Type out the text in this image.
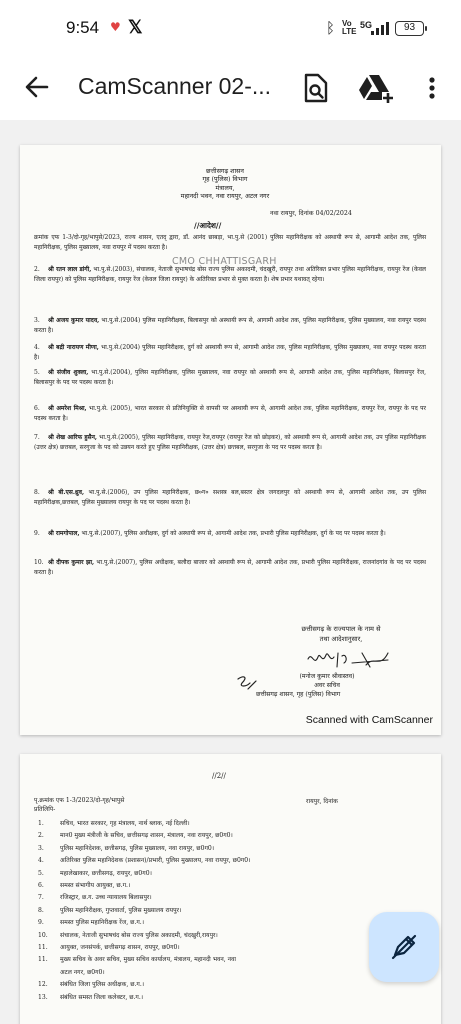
9:54 ♥ 𝕏	ᛒ Vo
LTE
5G	93
CamScanner 02-...
छत्तीसगढ़ शासन
गृह (पुलिस) विभाग
मंत्रालय,
महानदी भवन, नवा रायपुर, अटल नगर
नवा रायपुर, दिनांक 04/02/2024
//आदेश//
क्रमांक एफ 1-3/दो-गृह/भापुसे/2023, राज्य शासन, एतद् द्वारा, डॉ. आनंद छाबड़ा, भा.पु.से (2001) पुलिस महानिरीक्षक को अस्थायी रूप से, आगामी आदेश तक, पुलिस महानिरीक्षक, पुलिस मुख्यालय, नवा रायपुर में पदस्थ करता है।
2. श्री रतन लाल डांगी, भा.पु.से.(2003), संचालक, नेताजी सुभाषचंद्र बोस राज्य पुलिस अकादमी, चंदखुरी, रायपुर तथा अतिरिक्त प्रभार पुलिस महानिरीक्षक, रायपुर रेंज (केवल जिला रायपुर) को पुलिस महानिरीक्षक, रायपुर रेंज (केवल जिला रायपुर) के अतिरिक्त प्रभार से मुक्त करता है। शेष प्रभार यथावत् रहेगा।
CMO CHHATTISGARH
3. श्री अजय कुमार यादव, भा.पु.से.(2004) पुलिस महानिरीक्षक, बिलासपुर को अस्थायी रूप से, आगामी आदेश तक, पुलिस महानिरीक्षक, पुलिस मुख्यालय, नवा रायपुर पदस्थ करता है।
4. श्री बद्री नारायण मीणा, भा.पु.से.(2004) पुलिस महानिरीक्षक, दुर्ग को अस्थायी रूप से, आगामी आदेश तक, पुलिस महानिरीक्षक, पुलिस मुख्यालय, नवा रायपुर पदस्थ करता है।
5. श्री संजीव शुक्ला, भा.पु.से.(2004), पुलिस महानिरीक्षक, पुलिस मुख्यालय, नवा रायपुर को अस्थायी रूप से, आगामी आदेश तक, पुलिस महानिरीक्षक, बिलासपुर रेंज, बिलासपुर के पद पर पदस्थ करता है।
6. श्री अमरेश मिश्रा, भा.पु.से. (2005), भारत सरकार से प्रतिनियुक्ति से वापसी पर अस्थायी रूप से, आगामी आदेश तक, पुलिस महानिरीक्षक, रायपुर रेंज, रायपुर के पद पर पदस्थ करता है।
7. श्री शेख आरिफ हुसैन, भा.पु.से.(2005), पुलिस महानिरीक्षक, रायपुर रेंज,रायपुर (रायपुर रेंज को छोड़कर), को अस्थायी रूप से, आगामी आदेश तक, उप पुलिस महानिरीक्षक (उत्तर क्षेत्र) छत्तबल, सरगुजा के पद को उन्नयन करते हुए पुलिस महानिरीक्षक, (उत्तर क्षेत्र) छत्तबल, सरगुजा के पद पर पदस्थ करता है।
8. श्री बी.एस.ध्रुव, भा.पु.से.(2006), उप पुलिस महानिरीक्षक, छ०ग० सशस्त्र बल,बस्तर क्षेत्र जगदलपुर को अस्थायी रूप से, आगामी आदेश तक, उप पुलिस महानिरीक्षक,छत्तबल, पुलिस मुख्यालय रायपुर के पद पर पदस्थ करता है।
9. श्री रामगोपाल, भा.पु.से.(2007), पुलिस अधीक्षक, दुर्ग को अस्थायी रूप से, आगामी आदेश तक, प्रभारी पुलिस महानिरीक्षक, दुर्ग के पद पर पदस्थ करता है।
10. श्री दीपक कुमार झा, भा.पु.से.(2007), पुलिस अधीक्षक, बलौदा बाजार को अस्थायी रूप से, आगामी आदेश तक, प्रभारी पुलिस महानिरीक्षक, राजनांदगांव के पद पर पदस्थ करता है।
छत्तीसगढ़ के राज्यपाल के नाम से
तथा आदेशानुसार,
(मनोज कुमार श्रीवास्तव)
अवर सचिव
छत्तीसगढ़ शासन, गृह (पुलिस) विभाग
Scanned with CamScanner
//2//
पृ.क्रमांक एफ 1-3/2023/दो-गृह/भापुसे	रायपुर, दिनांक
प्रतिलिपि-
1.	सचिव, भारत सरकार, गृह मंत्रालय, नार्थ ब्लाक, नई दिल्ली।
2.	मान0 मुख्य मंत्रीजी के सचिव, छत्तीसगढ़ शासन, मंत्रालय, नवा रायपुर, छ0ग0।
3.	पुलिस महानिदेशक, छत्तीसगढ़, पुलिस मुख्यालय, नवा रायपुर, छ0ग0।
4.	अतिरिक्त पुलिस महानिदेशक (प्रशासन)/प्रभारी, पुलिस मुख्यालय, नवा रायपुर, छ0ग0।
5.	महालेखाकार, छत्तीसगढ़, रायपुर, छ0ग0।
6.	समस्त संभागीय आयुक्त, छ.ग.।
7.	रजिस्ट्रार, छ.ग. उच्च न्यायालय बिलासपुर।
8.	पुलिस महानिरीक्षक, गुप्तवार्ता, पुलिस मुख्यालय रायपुर।
9.	समस्त पुलिस महानिरीक्षक रेंज, छ.ग.।
10. संचालक, नेताजी सुभाषचंद बोस राज्य पुलिस अकादमी, चंदखुरी,रायपुर।
11. आयुक्त, जनसंपर्क, छत्तीसगढ़ शासन, रायपुर, छ0ग0।
11. मुख्य सचिव के अवर सचिव, मुख्य सचिव कार्यालय, मंत्रालय, महानदी भवन, नवा
अटल नगर, छ0ग0।
12. संबंधित जिला पुलिस अधीक्षक, छ.ग.।
13. संबंधित समस्त जिला कलेक्टर, छ.ग.।
